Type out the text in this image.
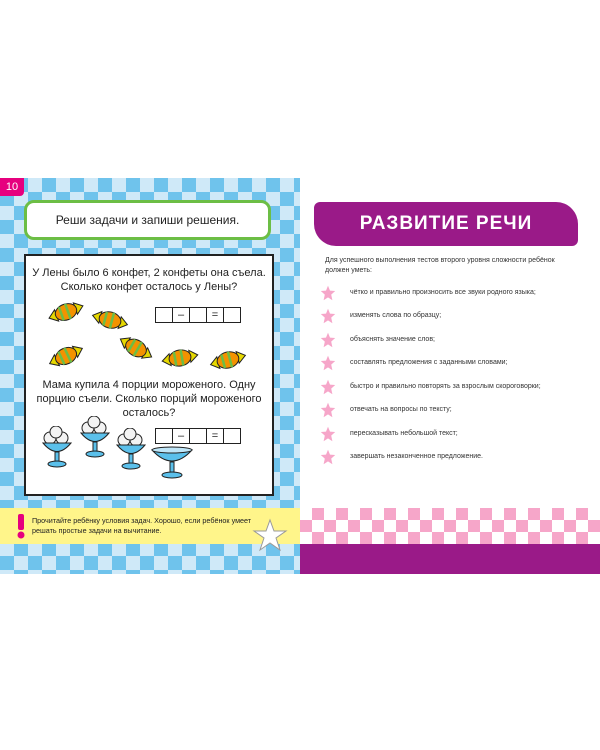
10
Реши задачи и запиши решения.
У Лены было 6 конфет, 2 конфеты она съела. Сколько конфет осталось у Лены?
–	=
Мама купила 4 порции мороженого. Одну порцию съели. Сколько порций мороженого осталось?
–	=
Прочитайте ребёнку условия задач. Хорошо, если ребёнок умеет решать простые задачи на вычитание.
РАЗВИТИЕ РЕЧИ
Для успешного выполнения тестов второго уровня сложности ребёнок должен уметь:
чётко и правильно произносить все звуки родного языка;
изменять слова по образцу;
объяснять значение слов;
составлять предложения с заданными словами;
быстро и правильно повторять за взрослым скороговорки;
отвечать на вопросы по тексту;
пересказывать небольшой текст;
завершать незаконченное предложение.
